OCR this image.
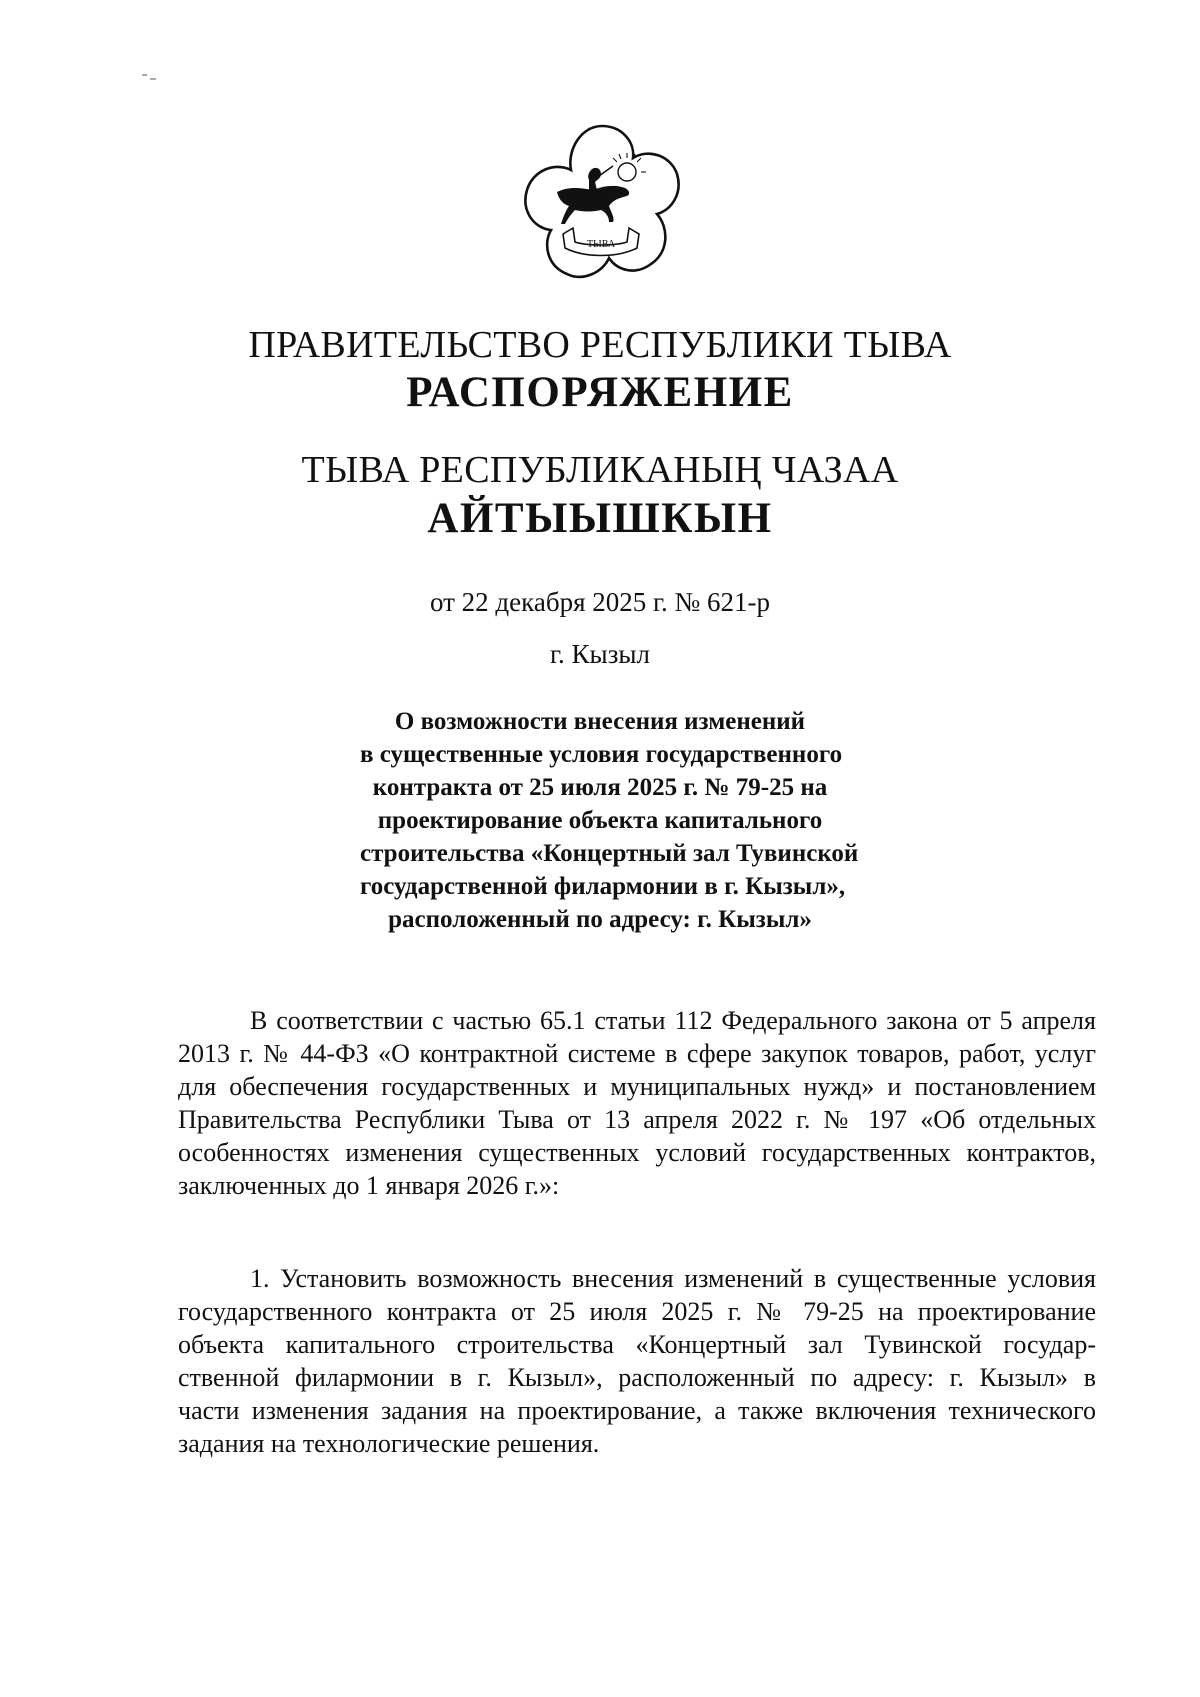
ТЫВА
ПРАВИТЕЛЬСТВО РЕСПУБЛИКИ ТЫВА
РАСПОРЯЖЕНИЕ
ТЫВА РЕСПУБЛИКАНЫҢ ЧАЗАА
АЙТЫЫШКЫН
от 22 декабря 2025 г. № 621-р
г. Кызыл
О возможности внесения изменений
в существенные условия государственного
контракта от 25 июля 2025 г. № 79-25 на
проектирование объекта капитального
строительства «Концертный зал Тувинской
государственной филармонии в г. Кызыл»,
расположенный по адресу: г. Кызыл»
В соответствии с частью 65.1 статьи 112 Федерального закона от 5 апреля
2013 г. № 44-ФЗ «О контрактной системе в сфере закупок товаров, работ, услуг
для обеспечения государственных и муниципальных нужд» и постановлением
Правительства Республики Тыва от 13 апреля 2022 г. № 197 «Об отдельных
особенностях изменения существенных условий государственных контрактов,
заключенных до 1 января 2026 г.»:
1. Установить возможность внесения изменений в существенные условия
государственного контракта от 25 июля 2025 г. № 79-25 на проектирование
объекта капитального строительства «Концертный зал Тувинской государ-
ственной филармонии в г. Кызыл», расположенный по адресу: г. Кызыл» в
части изменения задания на проектирование, а также включения технического
задания на технологические решения.
